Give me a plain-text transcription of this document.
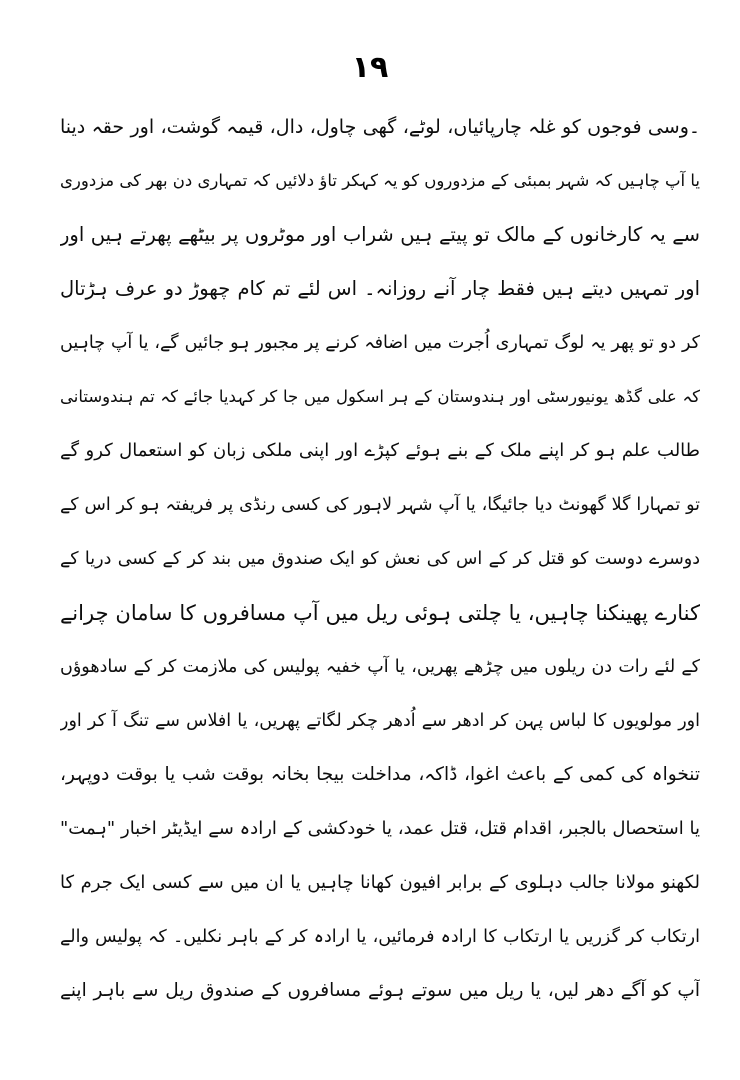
١٩
۔وسی فوجوں کو غلہ چارپائیاں، لوٹے، گھی چاول، دال، قیمہ گوشت، اور حقہ دینا
یا آپ چاہیں کہ شہر بمبئی کے مزدوروں کو یہ کہکر تاؤ دلائیں کہ تمہاری دن بھر کی مزدوری
سے یہ کارخانوں کے مالک تو پیتے ہیں شراب اور موٹروں پر بیٹھے پھرتے ہیں اور
اور تمہیں دیتے ہیں فقط چار آنے روزانہ۔ اس لئے تم کام چھوڑ دو عرف ہڑتال
کر دو تو پھر یہ لوگ تمہاری اُجرت میں اضافہ کرنے پر مجبور ہو جائیں گے، یا آپ چاہیں
کہ علی گڈھ یونیورسٹی اور ہندوستان کے ہر اسکول میں جا کر کہدیا جائے کہ تم ہندوستانی
طالب علم ہو کر اپنے ملک کے بنے ہوئے کپڑے اور اپنی ملکی زبان کو استعمال کرو گے
تو تمہارا گلا گھونٹ دیا جائیگا، یا آپ شہر لاہور کی کسی رنڈی پر فریفتہ ہو کر اس کے
دوسرے دوست کو قتل کر کے اس کی نعش کو ایک صندوق میں بند کر کے کسی دریا کے
کنارے پھینکنا چاہیں، یا چلتی ہوئی ریل میں آپ مسافروں کا سامان چرانے
کے لئے رات دن ریلوں میں چڑھے پھریں، یا آپ خفیہ پولیس کی ملازمت کر کے سادھوؤں
اور مولویوں کا لباس پہن کر ادھر سے اُدھر چکر لگاتے پھریں، یا افلاس سے تنگ آ کر اور
تنخواہ کی کمی کے باعث اغوا، ڈاکہ، مداخلت بیجا بخانہ بوقت شب یا بوقت دوپہر،
یا استحصال بالجبر، اقدام قتل، قتل عمد، یا خودکشی کے ارادہ سے ایڈیٹر اخبار "ہمت"
لکھنو مولانا جالب دہلوی کے برابر افیون کھانا چاہیں یا ان میں سے کسی ایک جرم کا
ارتکاب کر گزریں یا ارتکاب کا ارادہ فرمائیں، یا ارادہ کر کے باہر نکلیں۔ کہ پولیس والے
آپ کو آگے دھر لیں، یا ریل میں سوتے ہوئے مسافروں کے صندوق ریل سے باہر اپنے
